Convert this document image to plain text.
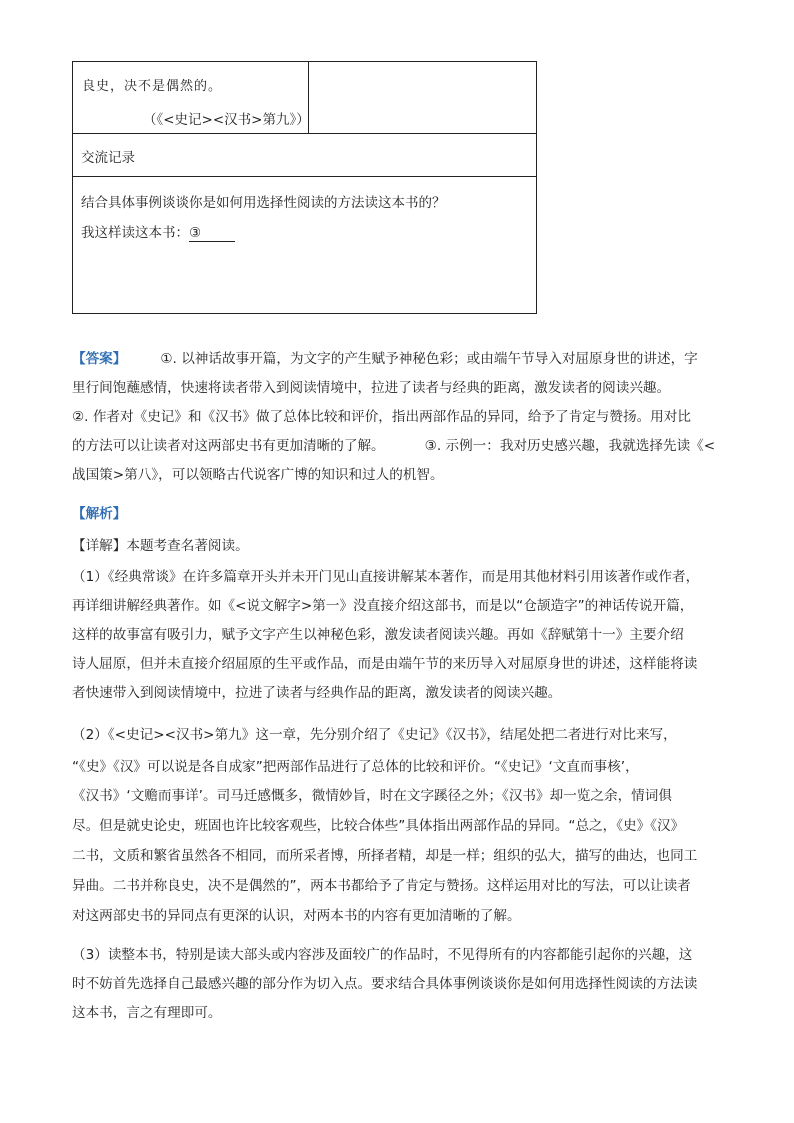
良史，决不是偶然的。
（《<史记><汉书>第九》）

交流记录

结合具体事例谈谈你是如何用选择性阅读的方法读这本书的？
我这样读这本书：③

【答案】	①. 以神话故事开篇，为文字的产生赋予神秘色彩；或由端午节导入对屈原身世的讲述，字

里行间饱蘸感情，快速将读者带入到阅读情境中，拉进了读者与经典的距离，激发读者的阅读兴趣。

②. 作者对《史记》和《汉书》做了总体比较和评价，指出两部作品的异同，给予了肯定与赞扬。用对比

的方法可以让读者对这两部史书有更加清晰的了解。	③. 示例一：我对历史感兴趣，我就选择先读《<

战国策>第八》，可以领略古代说客广博的知识和过人的机智。

【解析】

【详解】本题考查名著阅读。

（1）《经典常谈》在许多篇章开头并未开门见山直接讲解某本著作，而是用其他材料引用该著作或作者，

再详细讲解经典著作。如《<说文解字>第一》没直接介绍这部书，而是以“仓颉造字”的神话传说开篇，

这样的故事富有吸引力，赋予文字产生以神秘色彩，激发读者阅读兴趣。再如《辞赋第十一》主要介绍

诗人屈原，但并未直接介绍屈原的生平或作品，而是由端午节的来历导入对屈原身世的讲述，这样能将读

者快速带入到阅读情境中，拉进了读者与经典作品的距离，激发读者的阅读兴趣。

（2）《<史记><汉书>第九》这一章，先分别介绍了《史记》《汉书》，结尾处把二者进行对比来写，

“《史》《汉》可以说是各自成家”把两部作品进行了总体的比较和评价。“《史记》‘文直而事核’，

《汉书》‘文赡而事详’。司马迁感慨多，微情妙旨，时在文字蹊径之外；《汉书》却一览之余，情词俱

尽。但是就史论史，班固也许比较客观些，比较合体些”具体指出两部作品的异同。“总之，《史》《汉》

二书，文质和繁省虽然各不相同，而所采者博，所择者精，却是一样；组织的弘大，描写的曲达，也同工

异曲。二书并称良史，决不是偶然的”，两本书都给予了肯定与赞扬。这样运用对比的写法，可以让读者

对这两部史书的异同点有更深的认识，对两本书的内容有更加清晰的了解。

（3）读整本书，特别是读大部头或内容涉及面较广的作品时，不见得所有的内容都能引起你的兴趣，这

时不妨首先选择自己最感兴趣的部分作为切入点。要求结合具体事例谈谈你是如何用选择性阅读的方法读

这本书，言之有理即可。
